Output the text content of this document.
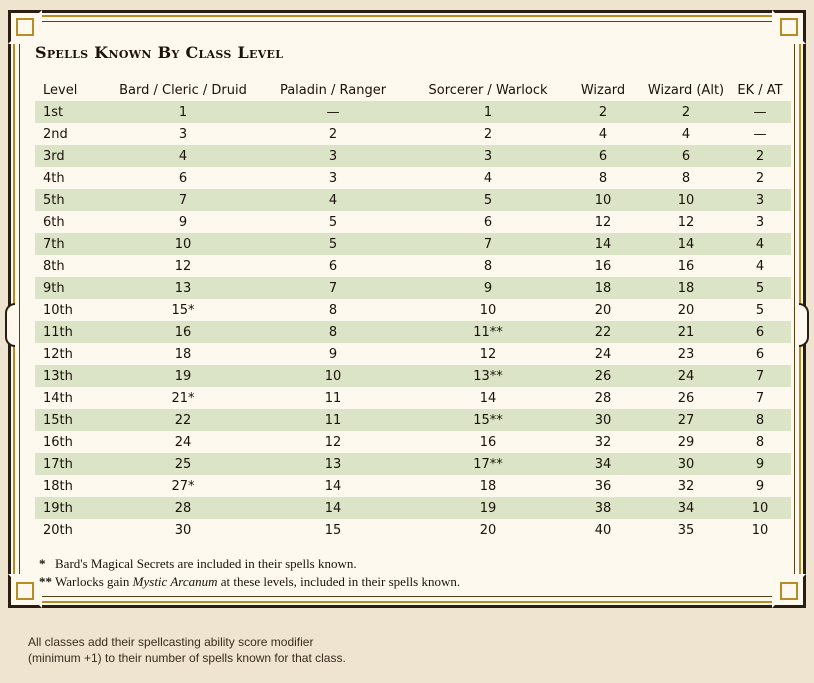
Spells Known By Class Level
Level	Bard / Cleric / Druid	Paladin / Ranger	Sorcerer / Warlock	Wizard	Wizard (Alt)	EK / AT
1st	1	—	1	2	2	—
2nd	3	2	2	4	4	—
3rd	4	3	3	6	6	2
4th	6	3	4	8	8	2
5th	7	4	5	10	10	3
6th	9	5	6	12	12	3
7th	10	5	7	14	14	4
8th	12	6	8	16	16	4
9th	13	7	9	18	18	5
10th	15*	8	10	20	20	5
11th	16	8	11**	22	21	6
12th	18	9	12	24	23	6
13th	19	10	13**	26	24	7
14th	21*	11	14	28	26	7
15th	22	11	15**	30	27	8
16th	24	12	16	32	29	8
17th	25	13	17**	34	30	9
18th	27*	14	18	36	32	9
19th	28	14	19	38	34	10
20th	30	15	20	40	35	10
* Bard's Magical Secrets are included in their spells known.
** Warlocks gain Mystic Arcanum at these levels, included in their spells known.
All classes add their spellcasting ability score modifier
(minimum +1) to their number of spells known for that class.
